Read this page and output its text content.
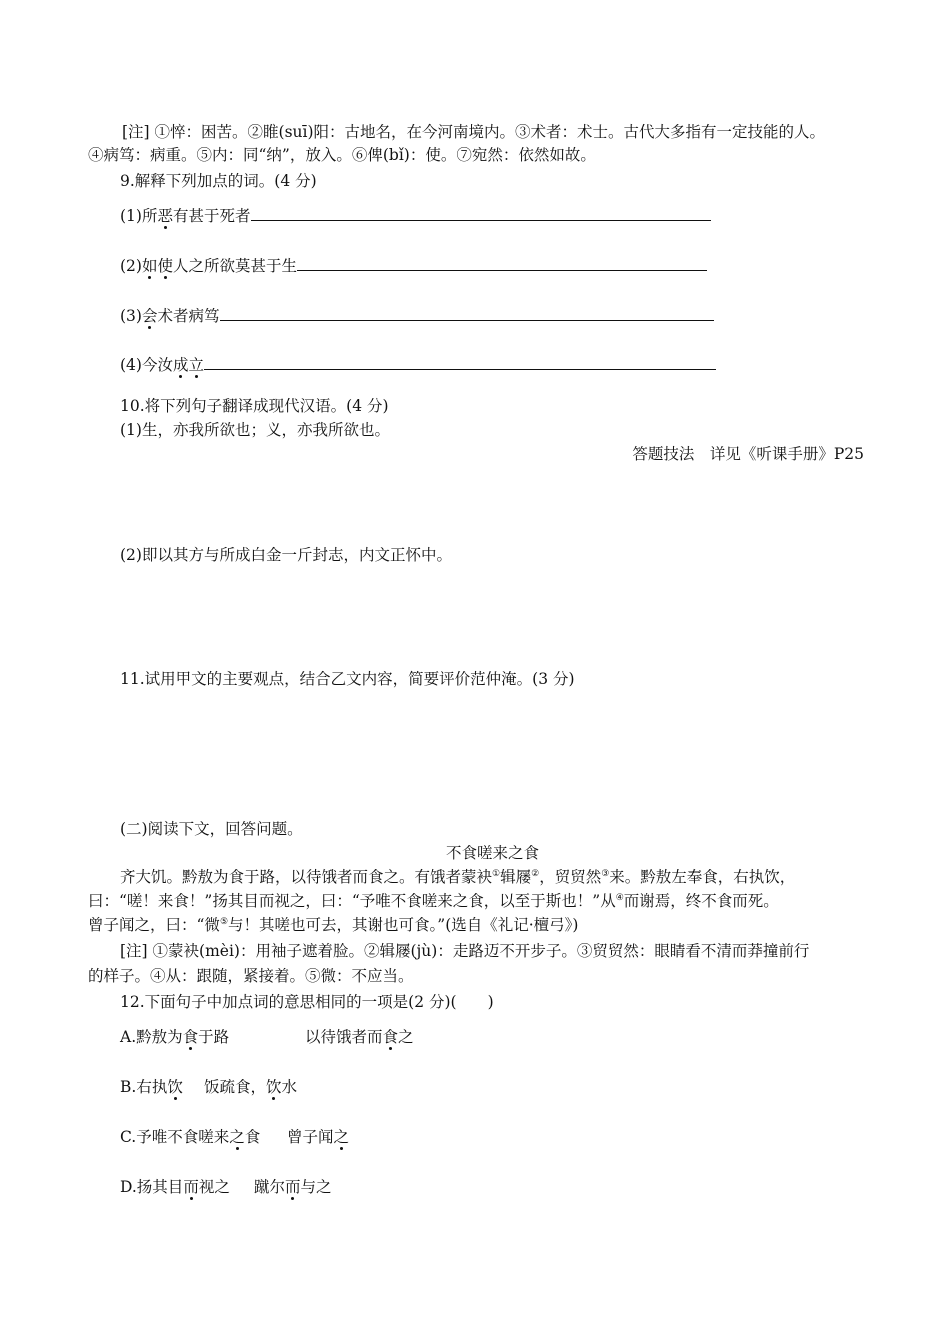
[注] ①悴：困苦。②睢(suī)阳：古地名，在今河南境内。③术者：术士。古代大多指有一定技能的人。
④病笃：病重。⑤内：同“纳”，放入。⑥俾(bǐ)：使。⑦宛然：依然如故。
9.解释下列加点的词。(4 分)
(1)所恶有甚于死者
(2)如使人之所欲莫甚于生
(3)会术者病笃
(4)今汝成立
10.将下列句子翻译成现代汉语。(4 分)
(1)生，亦我所欲也；义，亦我所欲也。
答题技法　详见《听课手册》P25
(2)即以其方与所成白金一斤封志，内文正怀中。
11.试用甲文的主要观点，结合乙文内容，简要评价范仲淹。(3 分)
(二)阅读下文，回答问题。
不食嗟来之食
齐大饥。黔敖为食于路，以待饿者而食之。有饿者蒙袂①辑屦②，贸贸然③来。黔敖左奉食，右执饮，
曰：“嗟！来食！”扬其目而视之，曰：“予唯不食嗟来之食，以至于斯也！”从④而谢焉，终不食而死。
曾子闻之，曰：“微⑤与！其嗟也可去，其谢也可食。”(选自《礼记·檀弓》)
[注] ①蒙袂(mèi)：用袖子遮着脸。②辑屦(jù)：走路迈不开步子。③贸贸然：眼睛看不清而莽撞前行
的样子。④从：跟随，紧接着。⑤微：不应当。
12.下面句子中加点词的意思相同的一项是(2 分)(　　)
A.黔敖为食于路	以待饿者而食之
B.右执饮 饭疏食，饮水
C.予唯不食嗟来之食 曾子闻之
D.扬其目而视之 蹴尔而与之
